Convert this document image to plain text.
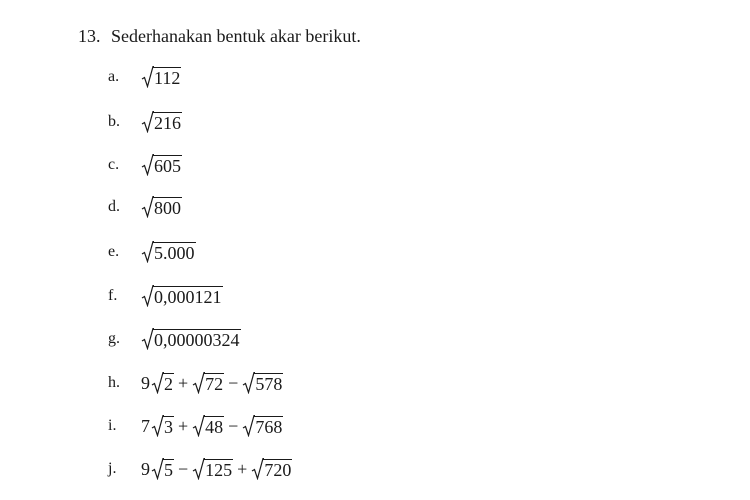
13. Sederhanakan bentuk akar berikut.
a.	112
b.	216
c.	605
d.	800
e.	5.000
f.	0,000121
g.	0,00000324
h.	9 2 + 72 − 578
i.	7 3 + 48 − 768
j.	9 5 − 125 + 720
